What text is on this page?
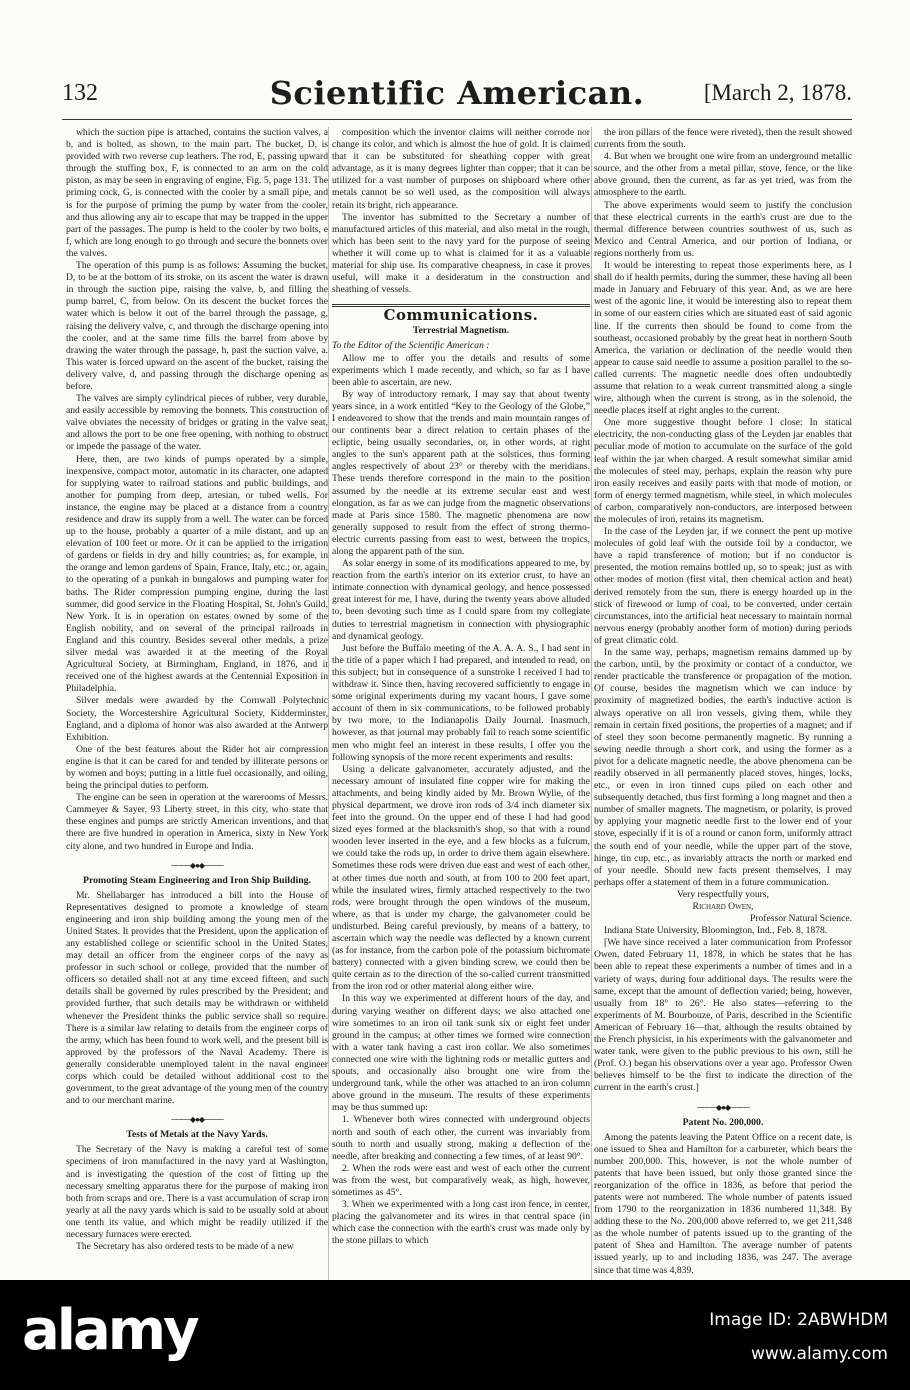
132	Scientific American.	[March 2, 1878.

which the suction pipe is attached, contains the suction valves, a b, and is bolted, as shown, to the main part. The bucket, D, is provided with two reverse cup leathers. The rod, E, passing upward through the stuffing box, F, is connected to an arm on the cold piston, as may be seen in engraving of engine, Fig. 5, page 131. The priming cock, G, is connected with the cooler by a small pipe, and is for the purpose of priming the pump by water from the cooler, and thus allowing any air to escape that may be trapped in the upper part of the passages. The pump is held to the cooler by two bolts, e f, which are long enough to go through and secure the bonnets over the valves.

The operation of this pump is as follows: Assuming the bucket, D, to be at the bottom of its stroke, on its ascent the water is drawn in through the suction pipe, raising the valve, b, and filling the pump barrel, C, from below. On its descent the bucket forces the water which is below it out of the barrel through the passage, g, raising the delivery valve, c, and through the discharge opening into the cooler, and at the same time fills the barrel from above by drawing the water through the passage, h, past the suction valve, a. This water is forced upward on the ascent of the bucket, raising the delivery valve, d, and passing through the discharge opening as before.

The valves are simply cylindrical pieces of rubber, very durable, and easily accessible by removing the bonnets. This construction of valve obviates the necessity of bridges or grating in the valve seat, and allows the port to be one free opening, with nothing to obstruct or impede the passage of the water.

Here, then, are two kinds of pumps operated by a simple, inexpensive, compact motor, automatic in its character, one adapted for supplying water to railroad stations and public buildings, and another for pumping from deep, artesian, or tubed wells. For instance, the engine may be placed at a distance from a country residence and draw its supply from a well. The water can be forced up to the house, probably a quarter of a mile distant, and up an elevation of 100 feet or more. Or it can be applied to the irrigation of gardens or fields in dry and hilly countries; as, for example, in the orange and lemon gardens of Spain, France, Italy, etc.; or, again, to the operating of a punkah in bungalows and pumping water for baths. The Rider compression pumping engine, during the last summer, did good service in the Floating Hospital, St. John's Guild, New York. It is in operation on estates owned by some of the English nobility, and on several of the principal railroads in England and this country. Besides several other medals, a prize silver medal was awarded it at the meeting of the Royal Agricultural Society, at Birmingham, England, in 1876, and it received one of the highest awards at the Centennial Exposition in Philadelphia.

Silver medals were awarded by the Cornwall Polytechnic Society, the Worcestershire Agricultural Society, Kidderminster, England, and a diploma of honor was also awarded at the Antwerp Exhibition.

One of the best features about the Rider hot air compression engine is that it can be cared for and tended by illiterate persons or by women and boys; putting in a little fuel occasionally, and oiling, being the principal duties to perform.

The engine can be seen in operation at the warerooms of Messrs. Cammeyer & Sayer, 93 Liberty street, in this city, who state that these engines and pumps are strictly American inventions, and that there are five hundred in operation in America, sixty in New York city alone, and two hundred in Europe and India.

────◆●◆────
Promoting Steam Engineering and Iron Ship Building.

Mr. Shellabarger has introduced a bill into the House of Representatives designed to promote a knowledge of steam engineering and iron ship building among the young men of the United States. It provides that the President, upon the application of any established college or scientific school in the United States, may detail an officer from the engineer corps of the navy as professor in such school or college, provided that the number of officers so detailed shall not at any time exceed fifteen, and such details shall be governed by rules prescribed by the President; and provided further, that such details may be withdrawn or withheld whenever the President thinks the public service shall so require. There is a similar law relating to details from the engineer corps of the army, which has been found to work well, and the present bill is approved by the professors of the Naval Academy. There is generally considerable unemployed talent in the naval engineer corps which could be detailed without additional cost to the government, to the great advantage of the young men of the country and to our merchant marine.

────◆●◆────
Tests of Metals at the Navy Yards.

The Secretary of the Navy is making a careful test of some specimens of iron manufactured in the navy yard at Washington, and is investigating the question of the cost of fitting up the necessary smelting apparatus there for the purpose of making iron both from scraps and ore. There is a vast accumulation of scrap iron yearly at all the navy yards which is said to be usually sold at about one tenth its value, and which might be readily utilized if the necessary furnaces were erected.

The Secretary has also ordered tests to be made of a new

composition which the inventor claims will neither corrode nor change its color, and which is almost the hue of gold. It is claimed that it can be substituted for sheathing copper with great advantage, as it is many degrees lighter than copper; that it can be utilized for a vast number of purposes on shipboard where other metals cannot be so well used, as the composition will always retain its bright, rich appearance.

The inventor has submitted to the Secretary a number of manufactured articles of this material, and also metal in the rough, which has been sent to the navy yard for the purpose of seeing whether it will come up to what is claimed for it as a valuable material for ship use. Its comparative cheapness, in case it proves useful, will make it a desideratum in the construction and sheathing of vessels.

Communications.
Terrestrial Magnetism.

To the Editor of the Scientific American :

Allow me to offer you the details and results of some experiments which I made recently, and which, so far as I have been able to ascertain, are new.

By way of introductory remark, I may say that about twenty years since, in a work entitled “Key to the Geology of the Globe,” I endeavored to show that the trends and main mountain ranges of our continents bear a direct relation to certain phases of the ecliptic, being usually secondaries, or, in other words, at right angles to the sun's apparent path at the solstices, thus forming angles respectively of about 23° or thereby with the meridians. These trends therefore correspond in the main to the position assumed by the needle at its extreme secular east and west elongation, as far as we can judge from the magnetic observations made at Paris since 1580. The magnetic phenomena are now generally supposed to result from the effect of strong thermo-electric currents passing from east to west, between the tropics, along the apparent path of the sun.

As solar energy in some of its modifications appeared to me, by reaction from the earth's interior on its exterior crust, to have an intimate connection with dynamical geology, and hence possessed great interest for me, I have, during the twenty years above alluded to, been devoting such time as I could spare from my collegiate duties to terrestrial magnetism in connection with physiographic and dynamical geology.

Just before the Buffalo meeting of the A. A. A. S., I had sent in the title of a paper which I had prepared, and intended to read, on this subject; but in consequence of a sunstroke I received I had to withdraw it. Since then, having recovered sufficiently to engage in some original experiments during my vacant hours, I gave some account of them in six communications, to be followed probably by two more, to the Indianapolis Daily Journal. Inasmuch, however, as that journal may probably fail to reach some scientific men who might feel an interest in these results, I offer you the following synopsis of the more recent experiments and results:

Using a delicate galvanometer, accurately adjusted, and the necessary amount of insulated fine copper wire for making the attachments, and being kindly aided by Mr. Brown Wylie, of the physical department, we drove iron rods of 3/4 inch diameter six feet into the ground. On the upper end of these I had had good sized eyes formed at the blacksmith's shop, so that with a round wooden lever inserted in the eye, and a few blocks as a fulcrum, we could take the rods up, in order to drive them again elsewhere. Sometimes these rods were driven due east and west of each other, at other times due north and south, at from 100 to 200 feet apart, while the insulated wires, firmly attached respectively to the two rods, were brought through the open windows of the museum, where, as that is under my charge, the galvanometer could be undisturbed. Being careful previously, by means of a battery, to ascertain which way the needle was deflected by a known current (as for instance, from the carbon pole of the potassium bichromate battery) connected with a given binding screw, we could then be quite certain as to the direction of the so-called current transmitted from the iron rod or other material along either wire.

In this way we experimented at different hours of the day, and during varying weather on different days; we also attached one wire sometimes to an iron oil tank sunk six or eight feet under ground in the campus; at other times we formed wire connection with a water tank having a cast iron collar. We also sometimes connected one wire with the lightning rods or metallic gutters and spouts, and occasionally also brought one wire from the underground tank, while the other was attached to an iron column above ground in the museum. The results of these experiments may be thus summed up:

1. Whenever both wires connected with underground objects north and south of each other, the current was invariably from south to north and usually strong, making a deflection of the needle, after breaking and connecting a few times, of at least 90°.

2. When the rods were east and west of each other the current was from the west, but comparatively weak, as high, however, sometimes as 45°.

3. When we experimented with a long cast iron fence, in center, placing the galvanometer and its wires in that central space (in which case the connection with the earth's crust was made only by the stone pillars to which

the iron pillars of the fence were riveted), then the result showed currents from the south.

4. But when we brought one wire from an underground metallic source, and the other from a metal pillar, stove, fence, or the like above ground, then the current, as far as yet tried, was from the atmosphere to the earth.

The above experiments would seem to justify the conclusion that these electrical currents in the earth's crust are due to the thermal difference between countries southwest of us, such as Mexico and Central America, and our portion of Indiana, or regions northerly from us.

It would be interesting to repeat those experiments here, as I shall do if health permits, during the summer, these having all been made in January and February of this year. And, as we are here west of the agonic line, it would be interesting also to repeat them in some of our eastern cities which are situated east of said agonic line. If the currents then should be found to come from the southeast, occasioned probably by the great heat in northern South America, the variation or declination of the needle would then appear to cause said needle to assume a position parallel to the so-called currents. The magnetic needle does often undoubtedly assume that relation to a weak current transmitted along a single wire, although when the current is strong, as in the solenoid, the needle places itself at right angles to the current.

One more suggestive thought before I close: In statical electricity, the non-conducting glass of the Leyden jar enables that peculiar mode of motion to accumulate on the surface of the gold leaf within the jar when charged. A result somewhat similar amid the molecules of steel may, perhaps, explain the reason why pure iron easily receives and easily parts with that mode of motion, or form of energy termed magnetism, while steel, in which molecules of carbon, comparatively non-conductors, are interposed between the molecules of iron, retains its magnetism.

In the case of the Leyden jar, if we connect the pent up motive molecules of gold leaf with the outside foil by a conductor, we have a rapid transference of motion; but if no conductor is presented, the motion remains bottled up, so to speak; just as with other modes of motion (first vital, then chemical action and heat) derived remotely from the sun, there is energy hoarded up in the stick of firewood or lump of coal, to be converted, under certain circumstances, into the artificial heat necessary to maintain normal nervous energy (probably another form of motion) during periods of great climatic cold.

In the same way, perhaps, magnetism remains dammed up by the carbon, until, by the proximity or contact of a conductor, we render practicable the transference or propagation of the motion. Of course, besides the magnetism which we can induce by proximity of magnetized bodies, the earth's inductive action is always operative on all iron vessels, giving them, while they remain in certain fixed positions, the properties of a magnet; and if of steel they soon become permanently magnetic. By running a sewing needle through a short cork, and using the former as a pivot for a delicate magnetic needle, the above phenomena can be readily observed in all permanently placed stoves, hinges, locks, etc., or even in iron tinned cups piled on each other and subsequently detached, thus first forming a long magnet and then a number of smaller magnets. The magnetism, or polarity, is proved by applying your magnetic needle first to the lower end of your stove, especially if it is of a round or canon form, uniformly attract the south end of your needle, while the upper part of the stove, hinge, tin cup, etc., as invariably attracts the north or marked end of your needle. Should new facts present themselves, I may perhaps offer a statement of them in a future communication.

Very respectfully yours,

Richard Owen,

Professor Natural Science.

Indiana State University, Bloomington, Ind., Feb. 8, 1878.

[We have since received a later communication from Professor Owen, dated February 11, 1878, in which he states that he has been able to repeat these experiments a number of times and in a variety of ways, during four additional days. The results were the same, except that the amount of deflection varied; being, however, usually from 18° to 26°. He also states—referring to the experiments of M. Bourbouze, of Paris, described in the Scientific American of February 16—that, although the results obtained by the French physicist, in his experiments with the galvanometer and water tank, were given to the public previous to his own, still he (Prof. O.) began his observations over a year ago. Professor Owen believes himself to be the first to indicate the direction of the current in the earth's crust.]

────◆●◆────
Patent No. 200,000.

Among the patents leaving the Patent Office on a recent date, is one issued to Shea and Hamilton for a carbureter, which bears the number 200,000. This, however, is not the whole number of patents that have been issued, but only those granted since the reorganization of the office in 1836, as before that period the patents were not numbered. The whole number of patents issued from 1790 to the reorganization in 1836 numbered 11,348. By adding these to the No. 200,000 above referred to, we get 211,348 as the whole number of patents issued up to the granting of the patent of Shea and Hamilton. The average number of patents issued yearly, up to and including 1836, was 247. The average since that time was 4,839.

alamy	Image ID: 2ABWHDM
www.alamy.com
